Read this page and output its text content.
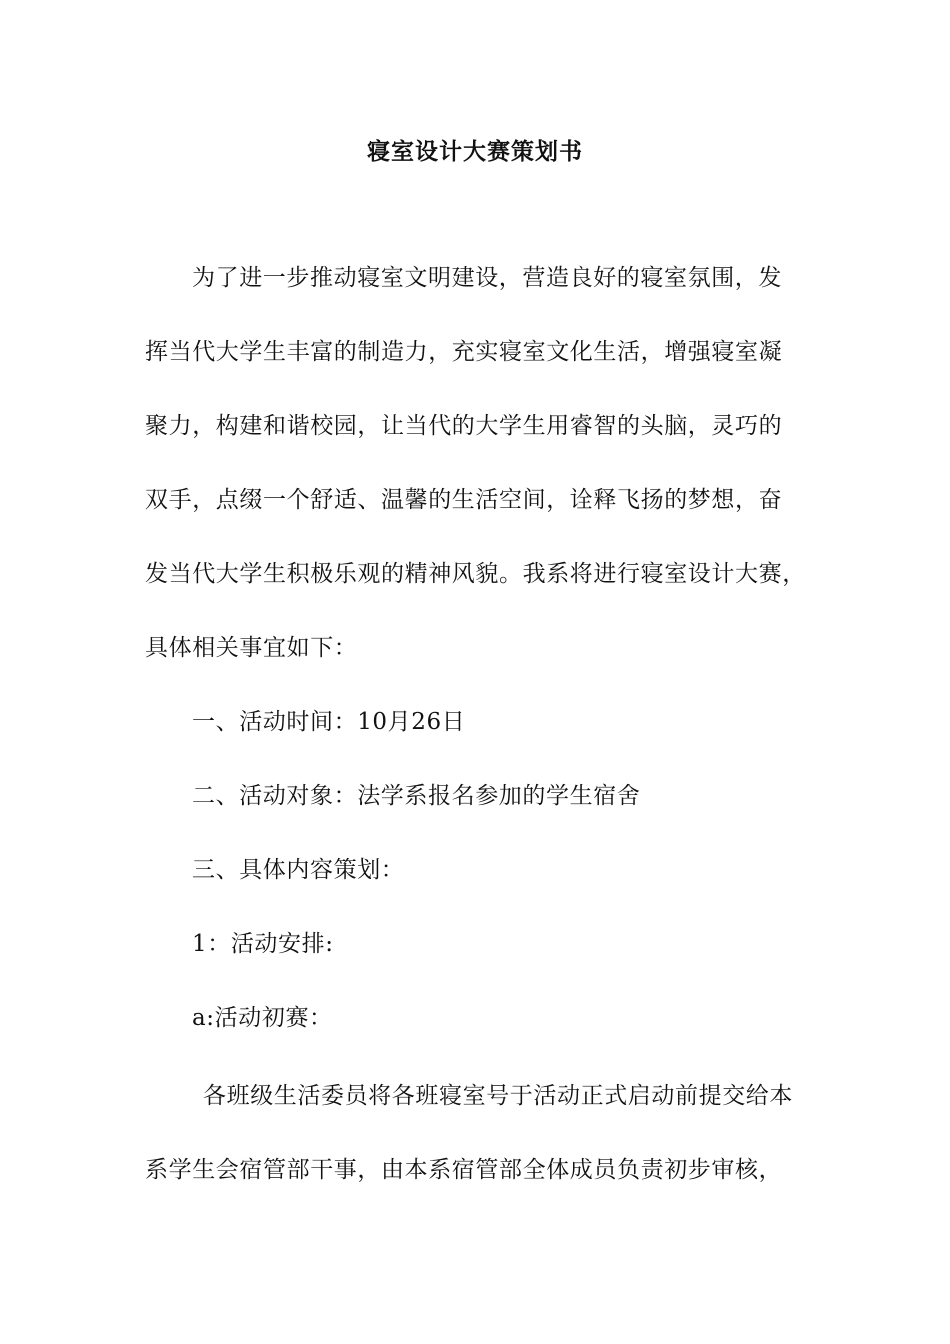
寝室设计大赛策划书
为了进一步推动寝室文明建设，营造良好的寝室氛围，发
挥当代大学生丰富的制造力，充实寝室文化生活，增强寝室凝
聚力，构建和谐校园，让当代的大学生用睿智的头脑，灵巧的
双手，点缀一个舒适、温馨的生活空间，诠释飞扬的梦想，奋
发当代大学生积极乐观的精神风貌。我系将进行寝室设计大赛，
具体相关事宜如下：
一、活动时间：10月26日
二、活动对象：法学系报名参加的学生宿舍
三、具体内容策划：
1：活动安排:
a:活动初赛：
各班级生活委员将各班寝室号于活动正式启动前提交给本
系学生会宿管部干事，由本系宿管部全体成员负责初步审核，
